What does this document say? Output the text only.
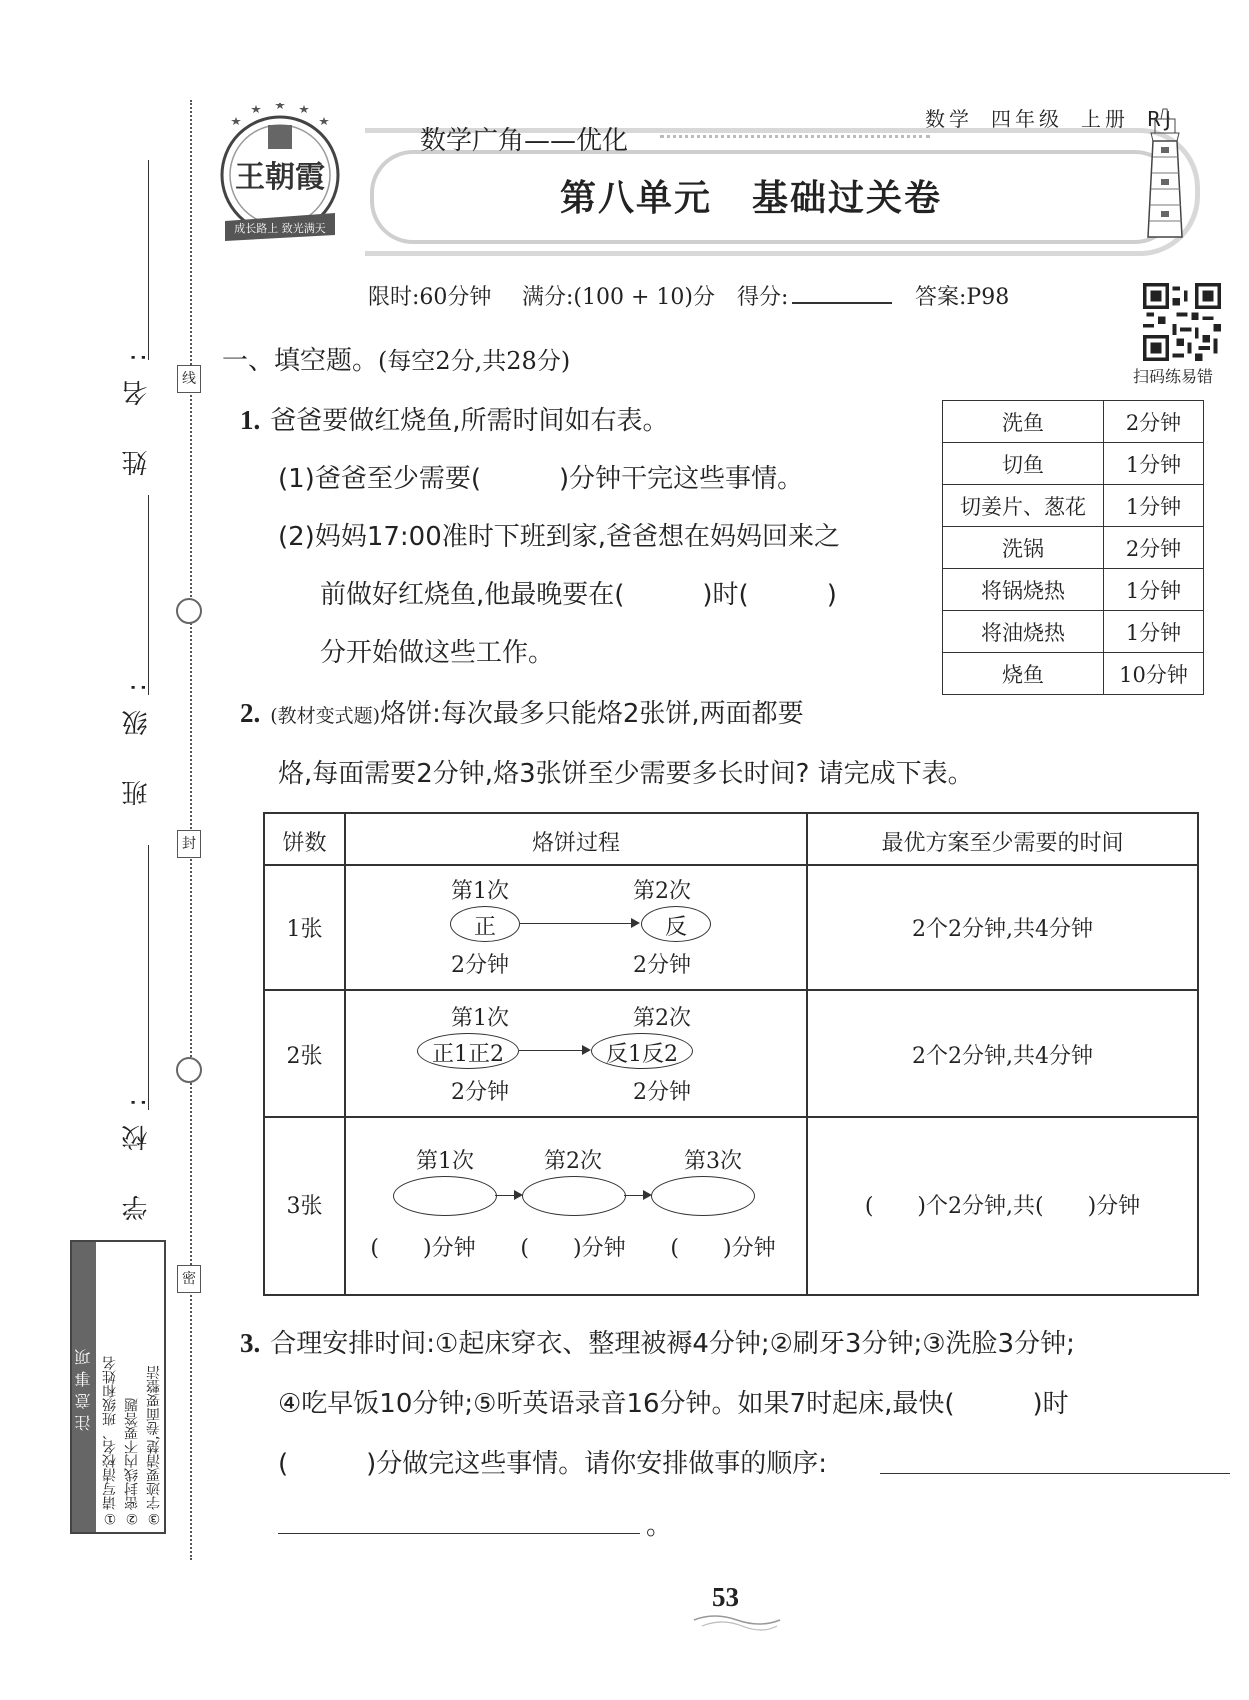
姓 名:
班 级:
学 校:
线
封
密
注意事项 ①请写清校名、班级和姓名 ②密封线内不要答题 ③字迹要清楚,卷面要整洁
数学广角——优化
数学 四年级 上册 RJ
第八单元 基础过关卷
王朝霞
成长路上 致光满天
限时:60分钟 满分:(100 + 10)分 得分:	答案:P98
扫码练易错
一、填空题。(每空2分,共28分)
1. 爸爸要做红烧鱼,所需时间如右表。
(1)爸爸至少需要(　　　)分钟干完这些事情。
(2)妈妈17:00准时下班到家,爸爸想在妈妈回来之
前做好红烧鱼,他最晚要在(　　　)时(　　　)
分开始做这些工作。
洗鱼	2分钟
切鱼	1分钟
切姜片、葱花	1分钟
洗锅	2分钟
将锅烧热	1分钟
将油烧热	1分钟
烧鱼	10分钟
2. (教材变式题)烙饼:每次最多只能烙2张饼,两面都要
烙,每面需要2分钟,烙3张饼至少需要多长时间? 请完成下表。
饼数	烙饼过程	最优方案至少需要的时间
1张
第1次	第2次
正	反
2分钟	2分钟
2个2分钟,共4分钟
2张
第1次	第2次
正1正2	反1反2
2分钟	2分钟
2个2分钟,共4分钟
3张
第1次	第2次	第3次
(　　)分钟	(　　)分钟	(　　)分钟
(　　)个2分钟,共(　　)分钟
3. 合理安排时间:①起床穿衣、整理被褥4分钟;②刷牙3分钟;③洗脸3分钟;
④吃早饭10分钟;⑤听英语录音16分钟。如果7时起床,最快(　　　)时
(　　　)分做完这些事情。请你安排做事的顺序:
。
53
